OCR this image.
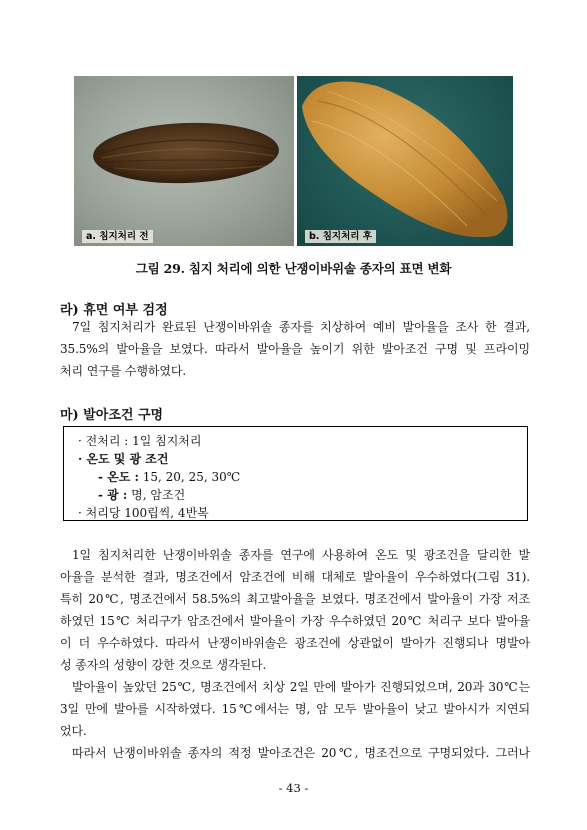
a. 침지처리 전	b. 침지처리 후
그림 29. 침지 처리에 의한 난쟁이바위솔 종자의 표면 변화
라) 휴면 여부 검정
7일 침지처리가 완료된 난쟁이바위솔 종자를 치상하여 예비 발아율을 조사 한 결과,
35.5%의 발아율을 보였다. 따라서 발아율을 높이기 위한 발아조건 구명 및 프라이밍
처리 연구를 수행하였다.
마) 발아조건 구명
· 전처리 : 1일 침지처리
· 온도 및 광 조건
- 온도 : 15, 20, 25, 30℃
- 광 : 명, 암조건
· 처리당 100립씩, 4반복
1일 침지처리한 난쟁이바위솔 종자를 연구에 사용하여 온도 및 광조건을 달리한 발
아율을 분석한 결과, 명조건에서 암조건에 비해 대체로 발아율이 우수하였다(그림 31).
특히 20℃, 명조건에서 58.5%의 최고발아율을 보였다. 명조건에서 발아율이 가장 저조
하였던 15℃ 처리구가 암조건에서 발아율이 가장 우수하였던 20℃ 처리구 보다 발아율
이 더 우수하였다. 따라서 난쟁이바위솔은 광조건에 상관없이 발아가 진행되나 명발아
성 종자의 성향이 강한 것으로 생각된다.
발아율이 높았던 25℃, 명조건에서 치상 2일 만에 발아가 진행되었으며, 20과 30℃는
3일 만에 발아를 시작하였다. 15℃에서는 명, 암 모두 발아율이 낮고 발아시가 지연되
었다.
따라서 난쟁이바위솔 종자의 적정 발아조건은 20℃, 명조건으로 구명되었다. 그러나
- 43 -
